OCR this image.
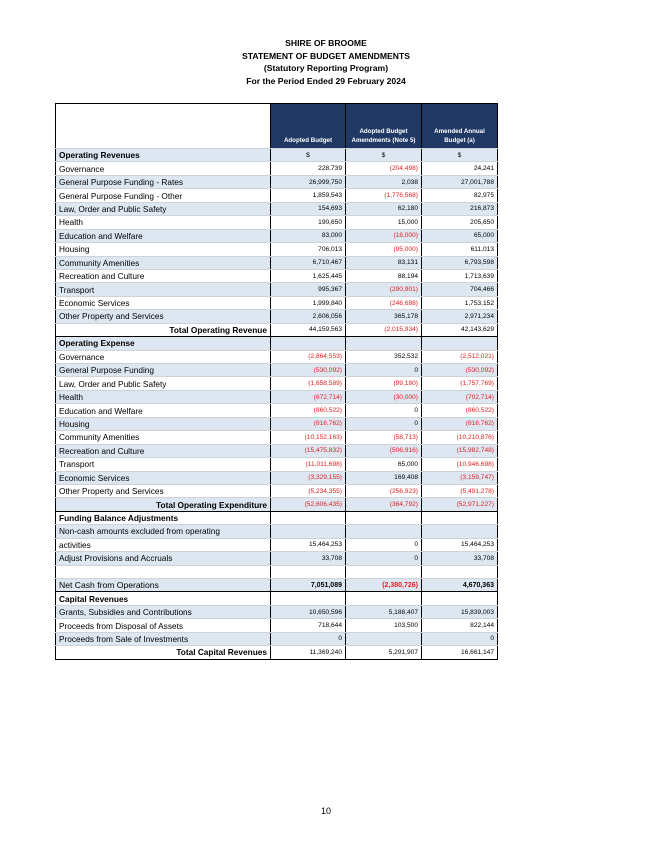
SHIRE OF BROOME
STATEMENT OF BUDGET AMENDMENTS
(Statutory Reporting Program)
For the Period Ended 29 February 2024
	Adopted Budget	Adopted Budget Amendments (Note 5)	Amended Annual Budget (a)
Operating Revenues	$	$	$
Governance	228,739	(204,498)	24,241
General Purpose Funding - Rates	26,999,750	2,038	27,001,788
General Purpose Funding - Other	1,859,543	(1,776,568)	82,975
Law, Order and Public Safety	154,693	62,180	216,873
Health	190,650	15,000	205,650
Education and Welfare	83,000	(18,000)	65,000
Housing	706,013	(95,000)	611,013
Community Amenities	6,710,467	83,131	6,793,598
Recreation and Culture	1,625,445	88,194	1,713,639
Transport	995,367	(290,901)	704,466
Economic Services	1,999,840	(246,688)	1,753,152
Other Property and Services	2,606,056	365,178	2,971,234
Total Operating Revenue	44,159,563	(2,015,934)	42,143,629
Operating Expense			
Governance	(2,864,553)	352,532	(2,512,021)
General Purpose Funding	(530,092)	0	(530,092)
Law, Order and Public Safety	(1,658,589)	(99,180)	(1,757,769)
Health	(672,714)	(30,000)	(702,714)
Education and Welfare	(860,522)	0	(860,522)
Housing	(816,762)	0	(816,762)
Community Amenities	(10,152,163)	(58,713)	(10,210,876)
Recreation and Culture	(15,475,832)	(506,916)	(15,982,748)
Transport	(11,011,698)	65,000	(10,946,698)
Economic Services	(3,329,155)	169,408	(3,159,747)
Other Property and Services	(5,234,355)	(256,923)	(5,491,278)
Total Operating Expenditure	(52,606,435)	(364,792)	(52,971,227)
Funding Balance Adjustments			
Non-cash amounts excluded from operating			
activities	15,464,253	0	15,464,253
Adjust Provisions and Accruals	33,708	0	33,708

Net Cash from Operations	7,051,089	(2,380,726)	4,670,363
Capital Revenues			
Grants, Subsidies and Contributions	10,650,596	5,188,407	15,839,003
Proceeds from Disposal of Assets	718,644	103,500	822,144
Proceeds from Sale of Investments	0		0
Total Capital Revenues	11,369,240	5,291,907	16,661,147
10
